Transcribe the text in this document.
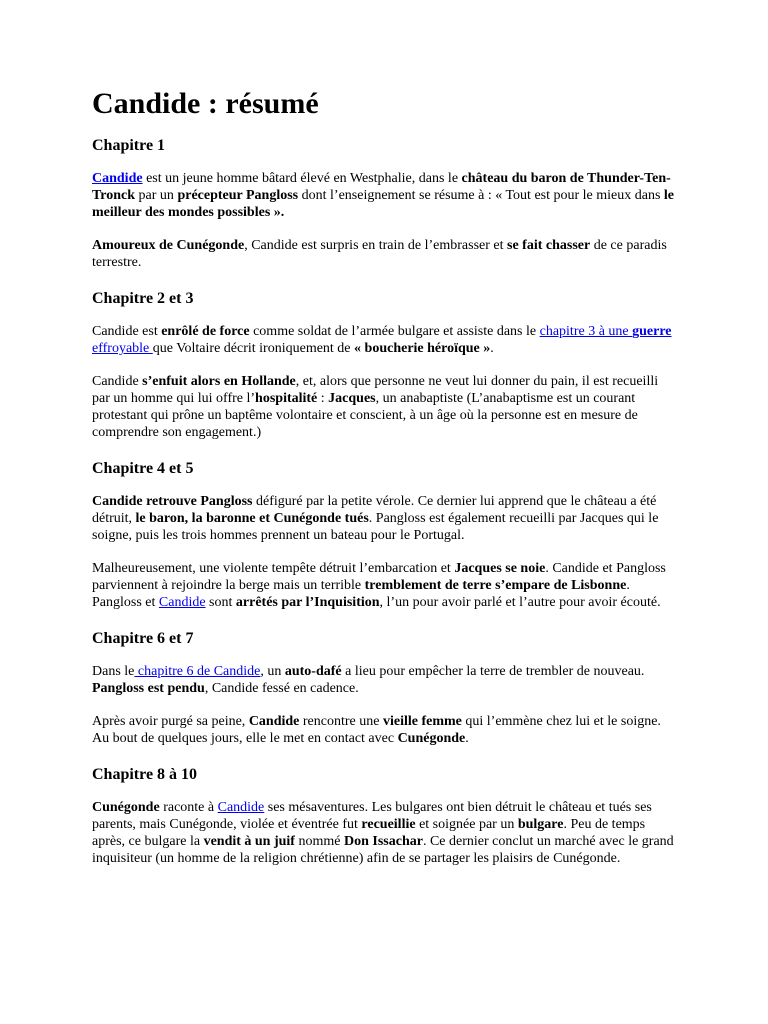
Candide : résumé
Chapitre 1

Candide est un jeune homme bâtard élevé en Westphalie, dans le château du baron de Thunder-Ten-Tronck par un précepteur Pangloss dont l’enseignement se résume à : « Tout est pour le mieux dans le meilleur des mondes possibles ».

Amoureux de Cunégonde, Candide est surpris en train de l’embrasser et se fait chasser de ce paradis terrestre.

Chapitre 2 et 3

Candide est enrôlé de force comme soldat de l’armée bulgare et assiste dans le chapitre 3 à une guerre effroyable que Voltaire décrit ironiquement de « boucherie héroïque ».

Candide s’enfuit alors en Hollande, et, alors que personne ne veut lui donner du pain, il est recueilli par un homme qui lui offre l’hospitalité : Jacques, un anabaptiste (L’anabaptisme est un courant protestant qui prône un baptême volontaire et conscient, à un âge où la personne est en mesure de comprendre son engagement.)

Chapitre 4 et 5

Candide retrouve Pangloss défiguré par la petite vérole. Ce dernier lui apprend que le château a été détruit, le baron, la baronne et Cunégonde tués. Pangloss est également recueilli par Jacques qui le soigne, puis les trois hommes prennent un bateau pour le Portugal.

Malheureusement, une violente tempête détruit l’embarcation et Jacques se noie. Candide et Pangloss parviennent à rejoindre la berge mais un terrible tremblement de terre s’empare de Lisbonne. Pangloss et Candide sont arrêtés par l’Inquisition, l’un pour avoir parlé et l’autre pour avoir écouté.

Chapitre 6 et 7

Dans le chapitre 6 de Candide, un auto-dafé a lieu pour empêcher la terre de trembler de nouveau. Pangloss est pendu, Candide fessé en cadence.

Après avoir purgé sa peine, Candide rencontre une vieille femme qui l’emmène chez lui et le soigne. Au bout de quelques jours, elle le met en contact avec Cunégonde.

Chapitre 8 à 10

Cunégonde raconte à Candide ses mésaventures. Les bulgares ont bien détruit le château et tués ses parents, mais Cunégonde, violée et éventrée fut recueillie et soignée par un bulgare. Peu de temps après, ce bulgare la vendit à un juif nommé Don Issachar. Ce dernier conclut un marché avec le grand inquisiteur (un homme de la religion chrétienne) afin de se partager les plaisirs de Cunégonde.
